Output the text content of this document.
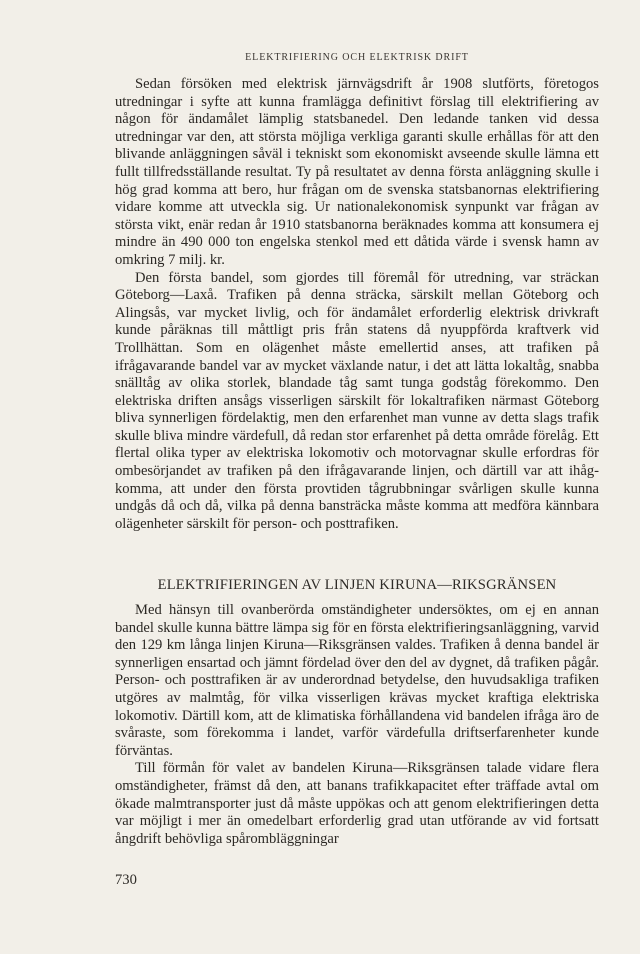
ELEKTRIFIERING OCH ELEKTRISK DRIFT

Sedan försöken med elektrisk järnvägsdrift år 1908 slutförts, företogos utredningar i syfte att kunna framlägga definitivt förslag till elektrifiering av någon för ändamålet lämplig statsbanedel. Den ledande tanken vid dessa utredningar var den, att största möjliga verkliga garanti skulle erhållas för att den blivande anläggningen såväl i tekniskt som ekonomiskt avseende skulle lämna ett fullt tillfredsställande resultat. Ty på resultatet av denna första anläggning skulle i hög grad komma att bero, hur frågan om de svenska statsbanornas elektrifiering vidare komme att utveckla sig. Ur nationalekonomisk synpunkt var frågan av största vikt, enär redan år 1910 statsbanorna beräknades komma att konsumera ej mindre än 490 000 ton engelska stenkol med ett dåtida värde i svensk hamn av omkring 7 milj. kr.

Den första bandel, som gjordes till föremål för utredning, var sträckan Göteborg—Laxå. Trafiken på denna sträcka, särskilt mellan Göteborg och Alingsås, var mycket livlig, och för ändamålet erforderlig elektrisk drivkraft kunde påräknas till måttligt pris från statens då nyuppförda kraftverk vid Trollhättan. Som en olägenhet måste emellertid anses, att trafiken på ifrågavarande bandel var av mycket växlande natur, i det att lätta lokaltåg, snabba snälltåg av olika storlek, blandade tåg samt tunga godståg förekommo. Den elektriska driften ansågs visserligen särskilt för lokaltrafiken närmast Göteborg bliva synnerligen fördelaktig, men den erfarenhet man vunne av detta slags trafik skulle bliva mindre värdefull, då redan stor erfarenhet på detta område förelåg. Ett flertal olika typer av elektriska lokomotiv och motorvagnar skulle erfordras för ombesörjandet av trafiken på den ifrågavarande linjen, och därtill var att ihågkomma, att under den första provtiden tågrubbningar svårligen skulle kunna undgås då och då, vilka på denna bansträcka måste komma att medföra kännbara olägenheter särskilt för person- och posttrafiken.

ELEKTRIFIERINGEN AV LINJEN KIRUNA—RIKSGRÄNSEN

Med hänsyn till ovanberörda omständigheter undersöktes, om ej en annan bandel skulle kunna bättre lämpa sig för en första elektrifieringsanläggning, varvid den 129 km långa linjen Kiruna—Riksgränsen valdes. Trafiken å denna bandel är synnerligen ensartad och jämnt fördelad över den del av dygnet, då trafiken pågår. Person- och posttrafiken är av underordnad betydelse, den huvudsakliga trafiken utgöres av malmtåg, för vilka visserligen krävas mycket kraftiga elektriska lokomotiv. Därtill kom, att de klimatiska förhållandena vid bandelen ifråga äro de svåraste, som förekomma i landet, varför värdefulla driftserfarenheter kunde förväntas.

Till förmån för valet av bandelen Kiruna—Riksgränsen talade vidare flera omständigheter, främst då den, att banans trafikkapacitet efter träffade avtal om ökade malmtransporter just då måste uppökas och att genom elektrifieringen detta var möjligt i mer än omedelbart erforderlig grad utan utförande av vid fortsatt ångdrift behövliga spårombläggningar

730
